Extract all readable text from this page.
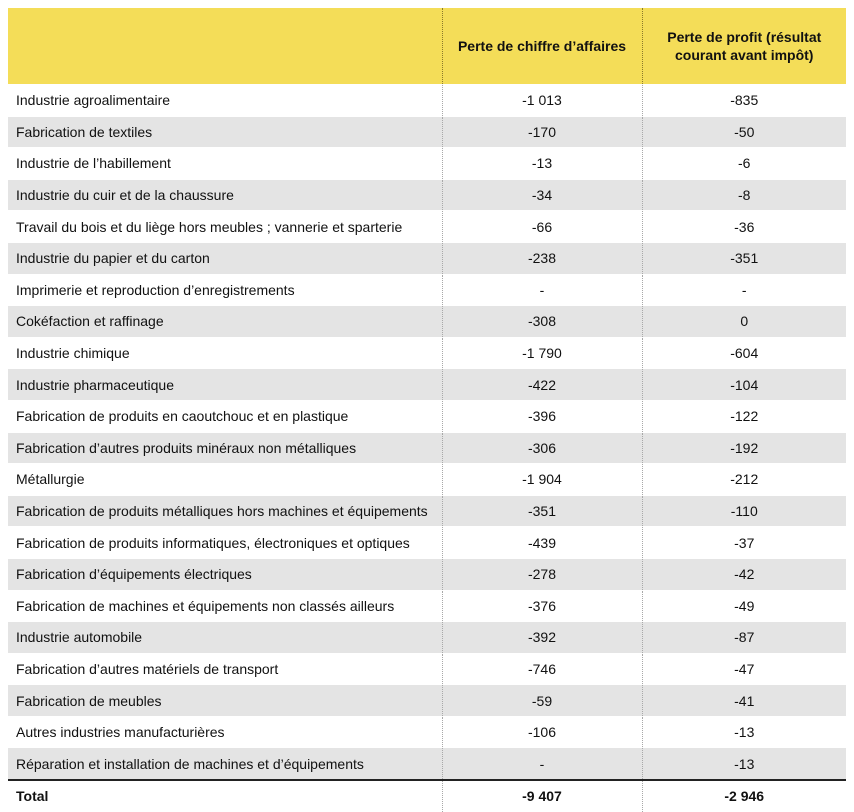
	Perte de chiffre d’affaires	Perte de profit (résultat courant avant impôt)
Industrie agroalimentaire	-1 013	-835
Fabrication de textiles	-170	-50
Industrie de l’habillement	-13	-6
Industrie du cuir et de la chaussure	-34	-8
Travail du bois et du liège hors meubles ; vannerie et sparterie	-66	-36
Industrie du papier et du carton	-238	-351
Imprimerie et reproduction d’enregistrements	-	-
Cokéfaction et raffinage	-308	0
Industrie chimique	-1 790	-604
Industrie pharmaceutique	-422	-104
Fabrication de produits en caoutchouc et en plastique	-396	-122
Fabrication d’autres produits minéraux non métalliques	-306	-192
Métallurgie	-1 904	-212
Fabrication de produits métalliques hors machines et équipements	-351	-110
Fabrication de produits informatiques, électroniques et optiques	-439	-37
Fabrication d’équipements électriques	-278	-42
Fabrication de machines et équipements non classés ailleurs	-376	-49
Industrie automobile	-392	-87
Fabrication d’autres matériels de transport	-746	-47
Fabrication de meubles	-59	-41
Autres industries manufacturières	-106	-13
Réparation et installation de machines et d’équipements	-	-13
Total	-9 407	-2 946
